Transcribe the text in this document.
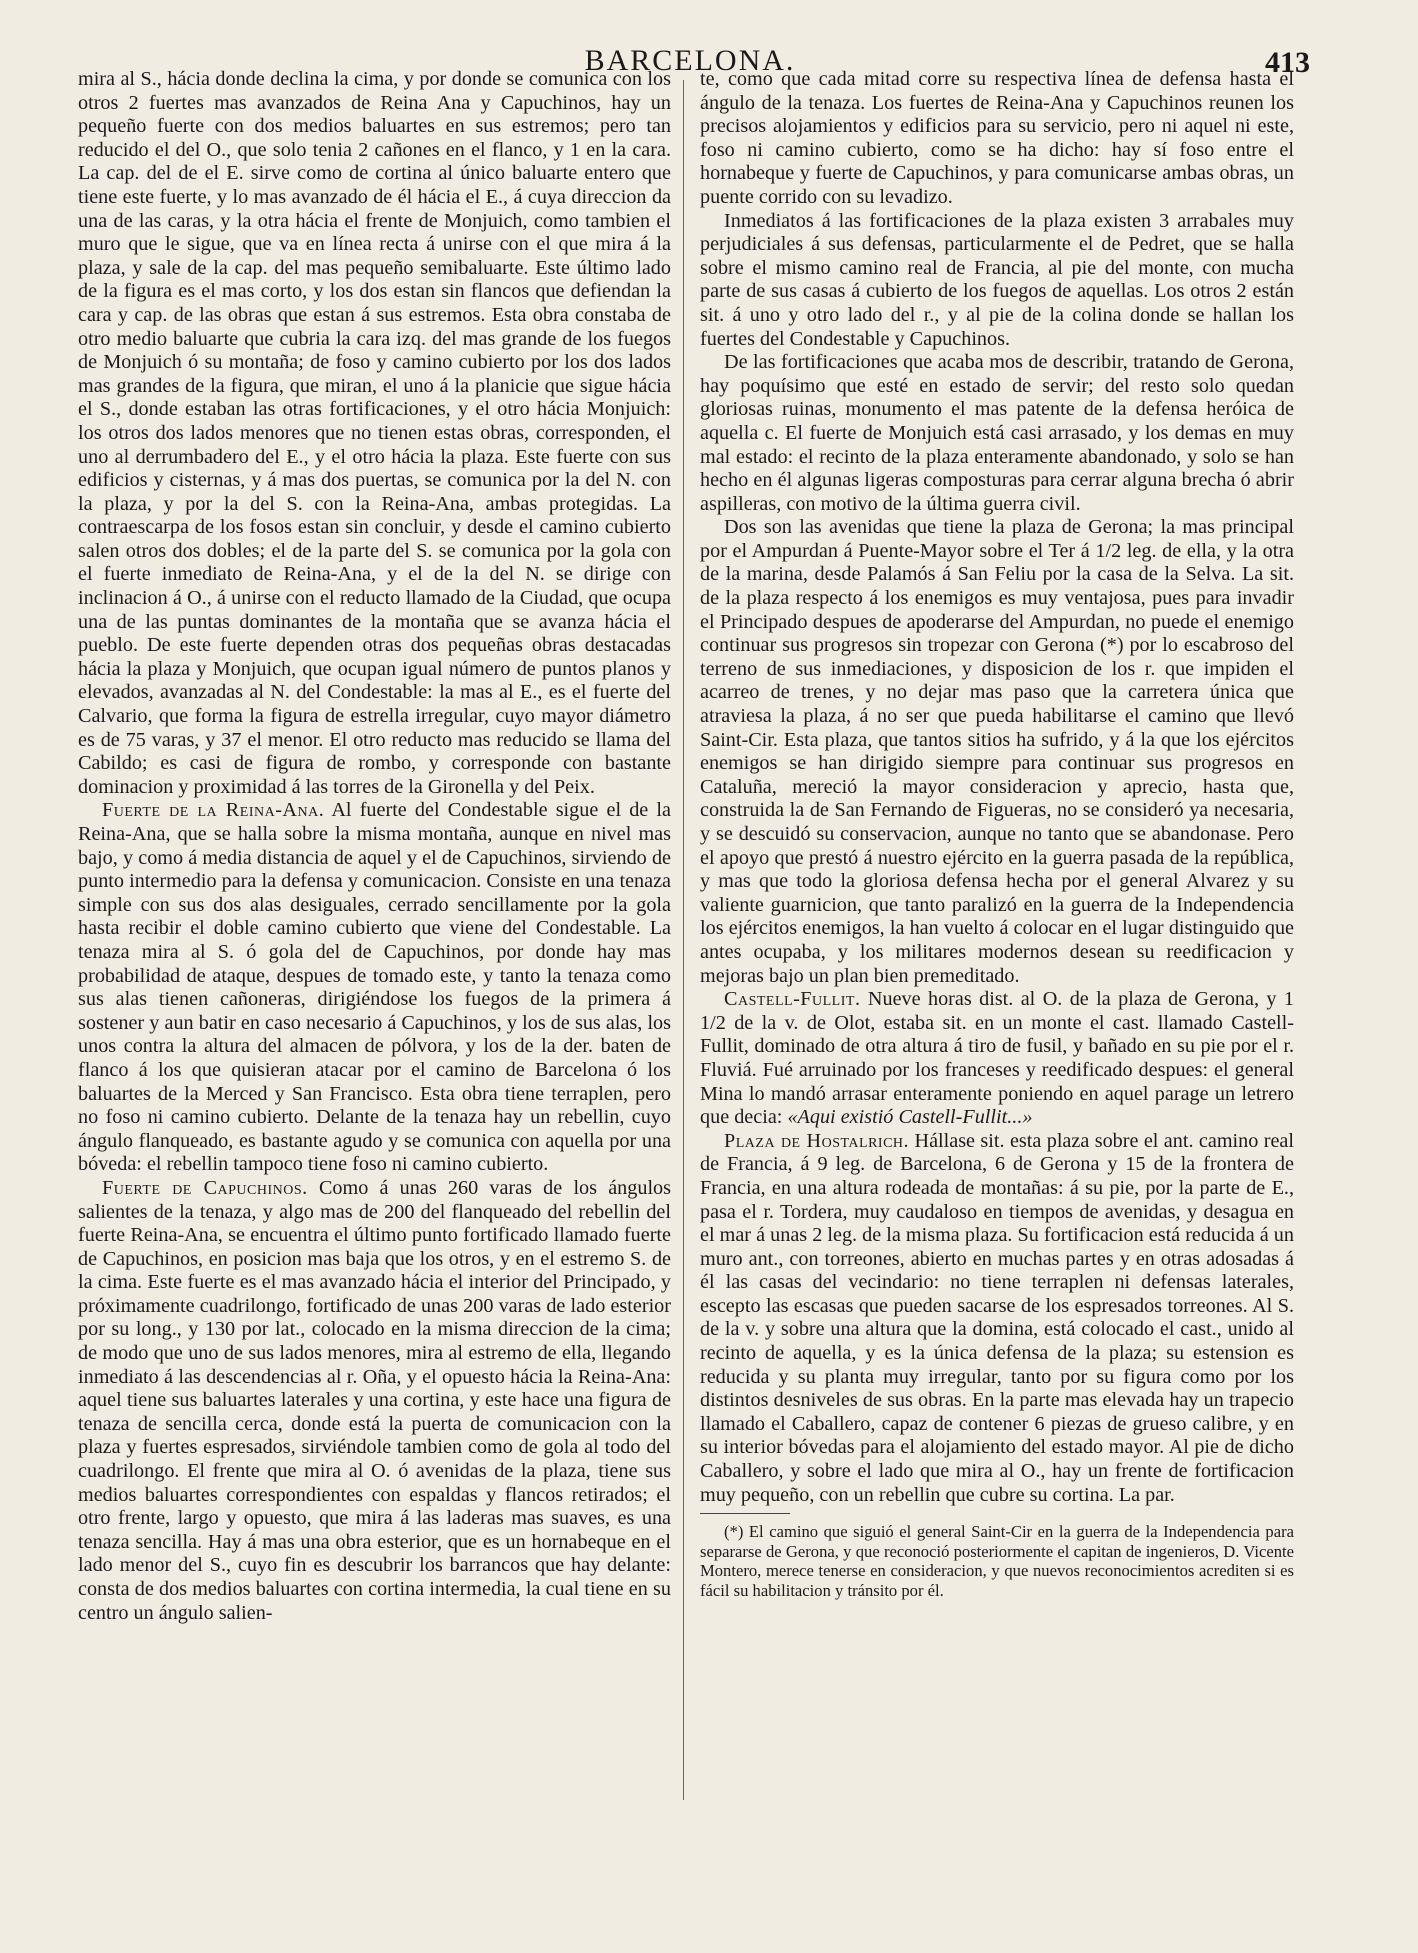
BARCELONA.	413

mira al S., hácia donde declina la cima, y por donde se comunica con los otros 2 fuertes mas avanzados de Reina Ana y Capuchinos, hay un pequeño fuerte con dos medios baluartes en sus estremos; pero tan reducido el del O., que solo tenia 2 cañones en el flanco, y 1 en la cara. La cap. del de el E. sirve como de cortina al único baluarte entero que tiene este fuerte, y lo mas avanzado de él hácia el E., á cuya direccion da una de las caras, y la otra hácia el frente de Monjuich, como tambien el muro que le sigue, que va en línea recta á unirse con el que mira á la plaza, y sale de la cap. del mas pequeño semibaluarte. Este último lado de la figura es el mas corto, y los dos estan sin flancos que defiendan la cara y cap. de las obras que estan á sus estremos. Esta obra constaba de otro medio baluarte que cubria la cara izq. del mas grande de los fuegos de Monjuich ó su montaña; de foso y camino cubierto por los dos lados mas grandes de la figura, que miran, el uno á la planicie que sigue hácia el S., donde estaban las otras fortificaciones, y el otro hácia Monjuich: los otros dos lados menores que no tienen estas obras, corresponden, el uno al derrumbadero del E., y el otro hácia la plaza. Este fuerte con sus edificios y cisternas, y á mas dos puertas, se comunica por la del N. con la plaza, y por la del S. con la Reina-Ana, ambas protegidas. La contraescarpa de los fosos estan sin concluir, y desde el camino cubierto salen otros dos dobles; el de la parte del S. se comunica por la gola con el fuerte inmediato de Reina-Ana, y el de la del N. se dirige con inclinacion á O., á unirse con el reducto llamado de la Ciudad, que ocupa una de las puntas dominantes de la montaña que se avanza hácia el pueblo. De este fuerte dependen otras dos pequeñas obras destacadas hácia la plaza y Monjuich, que ocupan igual número de puntos planos y elevados, avanzadas al N. del Condestable: la mas al E., es el fuerte del Calvario, que forma la figura de estrella irregular, cuyo mayor diámetro es de 75 varas, y 37 el menor. El otro reducto mas reducido se llama del Cabildo; es casi de figura de rombo, y corresponde con bastante dominacion y proximidad á las torres de la Gironella y del Peix.

Fuerte de la Reina-Ana. Al fuerte del Condestable sigue el de la Reina-Ana, que se halla sobre la misma montaña, aunque en nivel mas bajo, y como á media distancia de aquel y el de Capuchinos, sirviendo de punto intermedio para la defensa y comunicacion. Consiste en una tenaza simple con sus dos alas desiguales, cerrado sencillamente por la gola hasta recibir el doble camino cubierto que viene del Condestable. La tenaza mira al S. ó gola del de Capuchinos, por donde hay mas probabilidad de ataque, despues de tomado este, y tanto la tenaza como sus alas tienen cañoneras, dirigiéndose los fuegos de la primera á sostener y aun batir en caso necesario á Capuchinos, y los de sus alas, los unos contra la altura del almacen de pólvora, y los de la der. baten de flanco á los que quisieran atacar por el camino de Barcelona ó los baluartes de la Merced y San Francisco. Esta obra tiene terraplen, pero no foso ni camino cubierto. Delante de la tenaza hay un rebellin, cuyo ángulo flanqueado, es bastante agudo y se comunica con aquella por una bóveda: el rebellin tampoco tiene foso ni camino cubierto.

Fuerte de Capuchinos. Como á unas 260 varas de los ángulos salientes de la tenaza, y algo mas de 200 del flanqueado del rebellin del fuerte Reina-Ana, se encuentra el último punto fortificado llamado fuerte de Capuchinos, en posicion mas baja que los otros, y en el estremo S. de la cima. Este fuerte es el mas avanzado hácia el interior del Principado, y próximamente cuadrilongo, fortificado de unas 200 varas de lado esterior por su long., y 130 por lat., colocado en la misma direccion de la cima; de modo que uno de sus lados menores, mira al estremo de ella, llegando inmediato á las descendencias al r. Oña, y el opuesto hácia la Reina-Ana: aquel tiene sus baluartes laterales y una cortina, y este hace una figura de tenaza de sencilla cerca, donde está la puerta de comunicacion con la plaza y fuertes espresados, sirviéndole tambien como de gola al todo del cuadrilongo. El frente que mira al O. ó avenidas de la plaza, tiene sus medios baluartes correspondientes con espaldas y flancos retirados; el otro frente, largo y opuesto, que mira á las laderas mas suaves, es una tenaza sencilla. Hay á mas una obra esterior, que es un hornabeque en el lado menor del S., cuyo fin es descubrir los barrancos que hay delante: consta de dos medios baluartes con cortina intermedia, la cual tiene en su centro un ángulo salien-

te, como que cada mitad corre su respectiva línea de defensa hasta el ángulo de la tenaza. Los fuertes de Reina-Ana y Capuchinos reunen los precisos alojamientos y edificios para su servicio, pero ni aquel ni este, foso ni camino cubierto, como se ha dicho: hay sí foso entre el hornabeque y fuerte de Capuchinos, y para comunicarse ambas obras, un puente corrido con su levadizo.

Inmediatos á las fortificaciones de la plaza existen 3 arrabales muy perjudiciales á sus defensas, particularmente el de Pedret, que se halla sobre el mismo camino real de Francia, al pie del monte, con mucha parte de sus casas á cubierto de los fuegos de aquellas. Los otros 2 están sit. á uno y otro lado del r., y al pie de la colina donde se hallan los fuertes del Condestable y Capuchinos.

De las fortificaciones que acaba mos de describir, tratando de Gerona, hay poquísimo que esté en estado de servir; del resto solo quedan gloriosas ruinas, monumento el mas patente de la defensa heróica de aquella c. El fuerte de Monjuich está casi arrasado, y los demas en muy mal estado: el recinto de la plaza enteramente abandonado, y solo se han hecho en él algunas ligeras composturas para cerrar alguna brecha ó abrir aspilleras, con motivo de la última guerra civil.

Dos son las avenidas que tiene la plaza de Gerona; la mas principal por el Ampurdan á Puente-Mayor sobre el Ter á 1/2 leg. de ella, y la otra de la marina, desde Palamós á San Feliu por la casa de la Selva. La sit. de la plaza respecto á los enemigos es muy ventajosa, pues para invadir el Principado despues de apoderarse del Ampurdan, no puede el enemigo continuar sus progresos sin tropezar con Gerona (*) por lo escabroso del terreno de sus inmediaciones, y disposicion de los r. que impiden el acarreo de trenes, y no dejar mas paso que la carretera única que atraviesa la plaza, á no ser que pueda habilitarse el camino que llevó Saint-Cir. Esta plaza, que tantos sitios ha sufrido, y á la que los ejércitos enemigos se han dirigido siempre para continuar sus progresos en Cataluña, mereció la mayor consideracion y aprecio, hasta que, construida la de San Fernando de Figueras, no se consideró ya necesaria, y se descuidó su conservacion, aunque no tanto que se abandonase. Pero el apoyo que prestó á nuestro ejército en la guerra pasada de la república, y mas que todo la gloriosa defensa hecha por el general Alvarez y su valiente guarnicion, que tanto paralizó en la guerra de la Independencia los ejércitos enemigos, la han vuelto á colocar en el lugar distinguido que antes ocupaba, y los militares modernos desean su reedificacion y mejoras bajo un plan bien premeditado.

Castell-Fullit. Nueve horas dist. al O. de la plaza de Gerona, y 1 1/2 de la v. de Olot, estaba sit. en un monte el cast. llamado Castell-Fullit, dominado de otra altura á tiro de fusil, y bañado en su pie por el r. Fluviá. Fué arruinado por los franceses y reedificado despues: el general Mina lo mandó arrasar enteramente poniendo en aquel parage un letrero que decia: «Aqui existió Castell-Fullit...»

Plaza de Hostalrich. Hállase sit. esta plaza sobre el ant. camino real de Francia, á 9 leg. de Barcelona, 6 de Gerona y 15 de la frontera de Francia, en una altura rodeada de montañas: á su pie, por la parte de E., pasa el r. Tordera, muy caudaloso en tiempos de avenidas, y desagua en el mar á unas 2 leg. de la misma plaza. Su fortificacion está reducida á un muro ant., con torreones, abierto en muchas partes y en otras adosadas á él las casas del vecindario: no tiene terraplen ni defensas laterales, escepto las escasas que pueden sacarse de los espresados torreones. Al S. de la v. y sobre una altura que la domina, está colocado el cast., unido al recinto de aquella, y es la única defensa de la plaza; su estension es reducida y su planta muy irregular, tanto por su figura como por los distintos desniveles de sus obras. En la parte mas elevada hay un trapecio llamado el Caballero, capaz de contener 6 piezas de grueso calibre, y en su interior bóvedas para el alojamiento del estado mayor. Al pie de dicho Caballero, y sobre el lado que mira al O., hay un frente de fortificacion muy pequeño, con un rebellin que cubre su cortina. La par.

(*) El camino que siguió el general Saint-Cir en la guerra de la Independencia para separarse de Gerona, y que reconoció posteriormente el capitan de ingenieros, D. Vicente Montero, merece tenerse en consideracion, y que nuevos reconocimientos acrediten si es fácil su habilitacion y tránsito por él.
